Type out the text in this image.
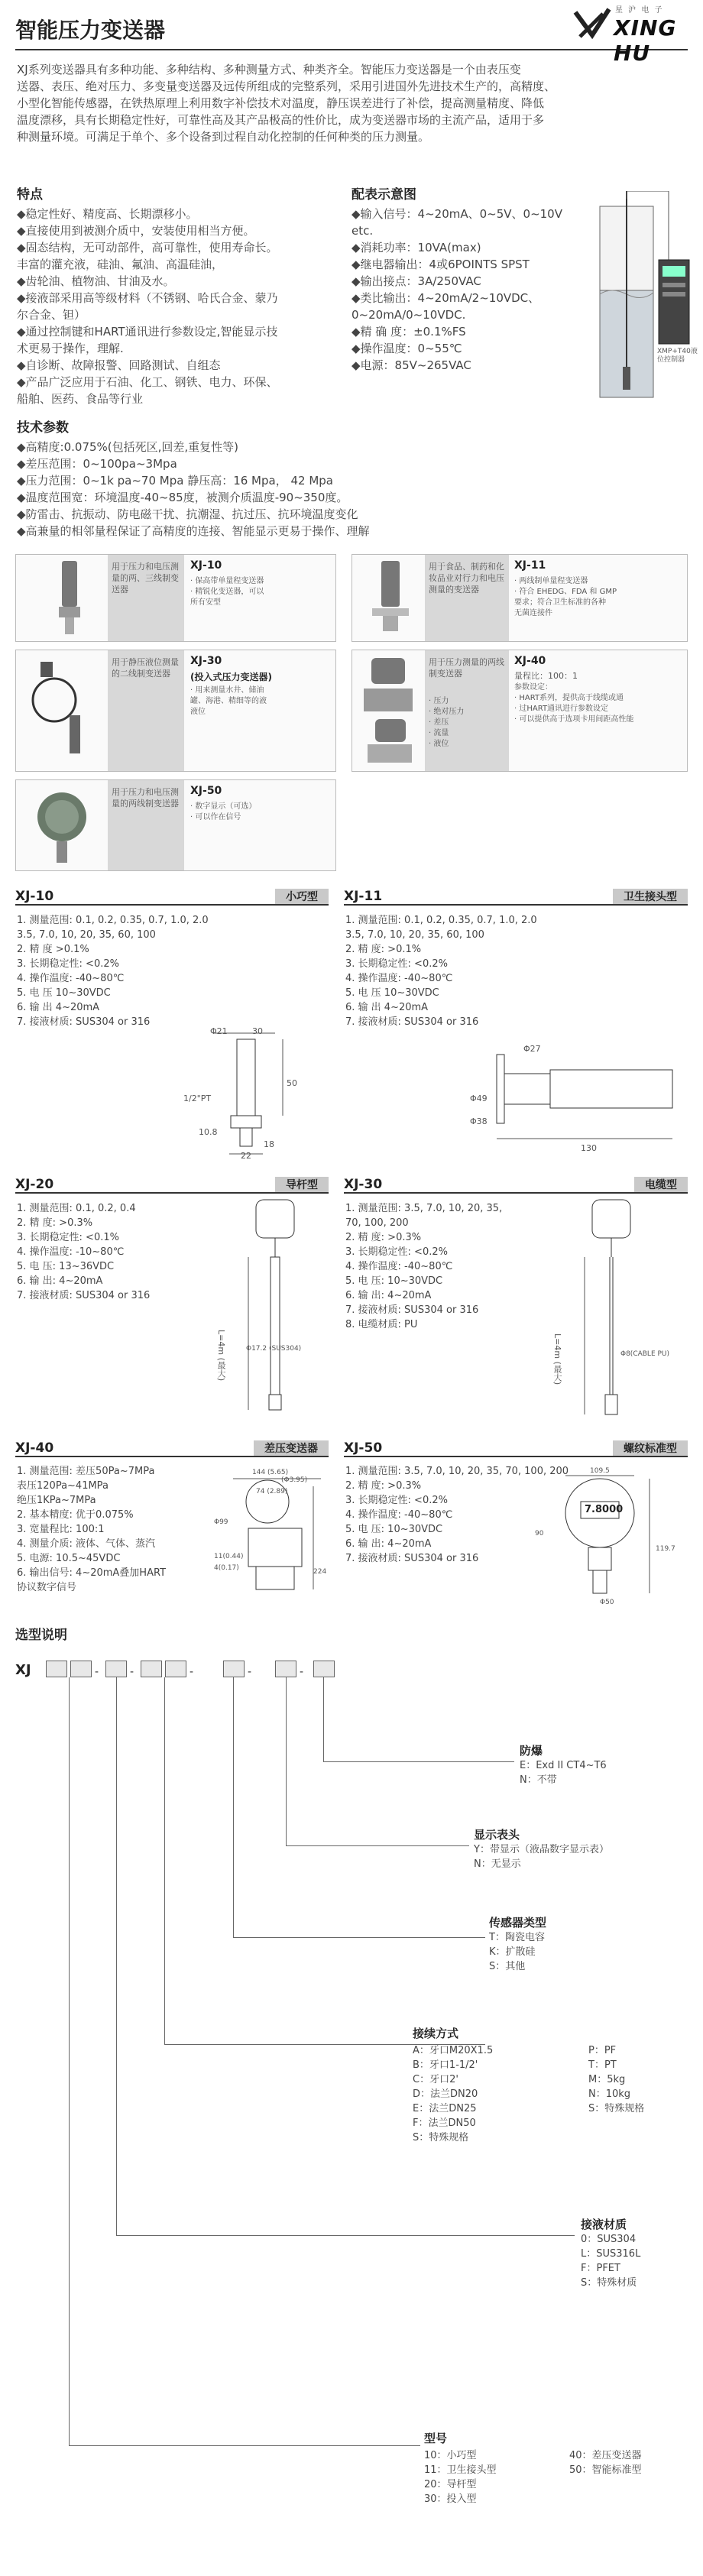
智能压力变送器
星 沪 电 子
XING HU
XJ系列变送器具有多种功能、多种结构、多种测量方式、种类齐全。智能压力变送器是一个由表压变
送器、表压、绝对压力、多变量变送器及远传所组成的完整系列，采用引进国外先进技术生产的，高精度、
小型化智能传感器，在铁热原理上利用数字补偿技术对温度，静压误差进行了补偿，提高测量精度、降低
温度漂移，具有长期稳定性好，可靠性高及其产品极高的性价比，成为变送器市场的主流产品，适用于多
种测量环境。可满足于单个、多个设备到过程自动化控制的任何种类的压力测量。
特点
◆稳定性好、精度高、长期漂移小。
◆直接使用到被测介质中，安装使用相当方便。
◆固态结构，无可动部件，高可靠性，使用寿命长。
丰富的灌充液，硅油、氟油、高温硅油，
◆齿轮油、植物油、甘油及水。
◆接液部采用高等级材料（不锈钢、哈氏合金、蒙乃
尔合金、钽）
◆通过控制键和HART通讯进行参数设定,智能显示技
术更易于操作，理解.
◆自诊断、故障报警、回路测试、自组态
◆产品广泛应用于石油、化工、钢铁、电力、环保、
船舶、医药、食品等行业
配表示意图
◆输入信号：4~20mA、0~5V、0~10V etc.
◆消耗功率：10VA(max)
◆继电器输出：4或6POINTS SPST
◆输出接点：3A/250VAC
◆类比输出：4~20mA/2~10VDC、
0~20mA/0~10VDC.
◆精 确 度：±0.1%FS
◆操作温度：0~55℃
◆电源：85V~265VAC
XMP+T40液位控制器
技术参数
◆高精度:0.075%(包括死区,回差,重复性等)
◆差压范围：0~100pa~3Mpa
◆压力范围：0~1k pa~70 Mpa 静压高：16 Mpa， 42 Mpa
◆温度范围宽：环境温度-40~85度，被测介质温度-90~350度。
◆防雷击、抗振动、防电磁干扰、抗潮湿、抗过压、抗环境温度变化
◆高兼量的相邻量程保证了高精度的连接、智能显示更易于操作、理解
用于压力和电压测量的两、三线制变送器
XJ-10
· 保高带单量程变送器
· 精锐化变送器，可以
所有安型
用于食品、制药和化妆品业对行力和电压测量的变送器
XJ-11
· 两线制单量程变送器
· 符合 EHEDG、FDA 和 GMP
要求；符合卫生标准的各种
无菌连接件
用于静压液位测量的二线制变送器
XJ-30
(投入式压力变送器)
· 用来测量水井、储油
罐、海港、精细等的液
液位
用于压力测量的两线制变送器
· 压力
· 绝对压力
· 差压
· 流量
· 液位
XJ-40
量程比：100：1
参数设定：
· HART系列，提供高于线缆或通
· 过HART通讯进行参数设定
· 可以提供高于选项卡用间距高性能
用于压力和电压测量的两线制变送器
XJ-50
· 数字显示（可选）
· 可以作在信号
XJ-10	小巧型	XJ-11	卫生接头型
1. 测量范围: 0.1, 0.2, 0.35, 0.7, 1.0, 2.0
3.5, 7.0, 10, 20, 35, 60, 100
2. 精 度 >0.1%
3. 长期稳定性: <0.2%
4. 操作温度: -40~80℃
5. 电 压 10~30VDC
6. 输 出 4~20mA
7. 接液材质: SUS304 or 316
1. 测量范围: 0.1, 0.2, 0.35, 0.7, 1.0, 2.0
3.5, 7.0, 10, 20, 35, 60, 100
2. 精 度: >0.1%
3. 长期稳定性: <0.2%
4. 操作温度: -40~80℃
5. 电 压 10~30VDC
6. 输 出 4~20mA
7. 接液材质: SUS304 or 316
Φ21	30
50
10.8
1/2"PT
22
18
Φ27
Φ49
Φ38
130
XJ-20	导杆型	XJ-30	电缆型
1. 测量范围: 0.1, 0.2, 0.4
2. 精 度: >0.3%
3. 长期稳定性: <0.1%
4. 操作温度: -10~80℃
5. 电 压: 13~36VDC
6. 输 出: 4~20mA
7. 接液材质: SUS304 or 316
1. 测量范围: 3.5, 7.0, 10, 20, 35,
70, 100, 200
2. 精 度: >0.3%
3. 长期稳定性: <0.2%
4. 操作温度: -40~80℃
5. 电 压: 10~30VDC
6. 输 出: 4~20mA
7. 接液材质: SUS304 or 316
8. 电缆材质: PU
L=4m (最大)	Φ17.2 (SUS304)	L=4m (最大)	Φ8(CABLE PU)
XJ-40	差压变送器	XJ-50	螺纹标准型
1. 测量范围: 差压50Pa~7MPa
表压120Pa~41MPa
绝压1KPa~7MPa
2. 基本精度: 优于0.075%
3. 宽量程比: 100:1
4. 测量介质: 液体、气体、蒸汽
5. 电源: 10.5~45VDC
6. 输出信号: 4~20mA叠加HART
协议数字信号
1. 测量范围: 3.5, 7.0, 10, 20, 35, 70, 100, 200
2. 精 度: >0.3%
3. 长期稳定性: <0.2%
4. 操作温度: -40~80℃
5. 电 压: 10~30VDC
6. 输 出: 4~20mA
7. 接液材质: SUS304 or 316
144 (5.65)
74 (2.89)
(Φ3.95)
Φ99
11(0.44)
4(0.17)	224
7.8000
109.5
90
119.7
Φ50
选型说明
XJ	-	-	-	-	-
防爆
E：Exd II CT4~T6
N：不带
显示表头
Y：带显示（液晶数字显示表）
N：无显示
传感器类型
T：陶瓷电容
K：扩散硅
S：其他
接续方式
A：牙口M20X1.5
B：牙口1-1/2'
C：牙口2'
D：法兰DN20
E：法兰DN25
F：法兰DN50
S：特殊规格
P：PF
T：PT
M：5kg
N：10kg
S：特殊规格
接液材质
0：SUS304
L：SUS316L
F：PFET
S：特殊材质
型号
10：小巧型
11：卫生接头型
20：导杆型
30：投入型
40：差压变送器
50：智能标准型
